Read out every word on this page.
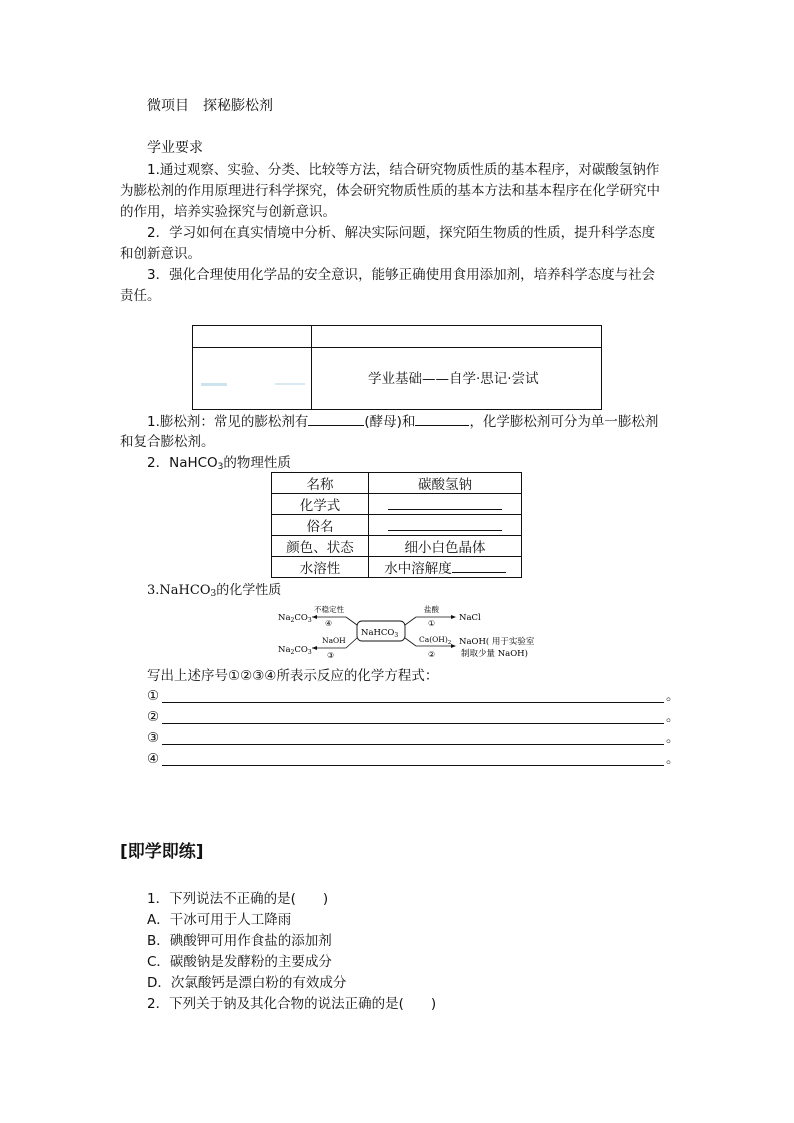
微项目　探秘膨松剂
学业要求
1.通过观察、实验、分类、比较等方法，结合研究物质性质的基本程序，对碳酸氢钠作
为膨松剂的作用原理进行科学探究，体会研究物质性质的基本方法和基本程序在化学研究中
的作用，培养实验探究与创新意识。
2．学习如何在真实情境中分析、解决实际问题，探究陌生物质的性质，提升科学态度
和创新意识。
3．强化合理使用化学品的安全意识，能够正确使用食用添加剂，培养科学态度与社会
责任。
学业基础——自学·思记·尝试
1.膨松剂：常见的膨松剂有	(酵母)和	，化学膨松剂可分为单一膨松剂
和复合膨松剂。
2．NaHCO$_3$的物理性质
名称	碳酸氢钠
化学式	
俗名	
颜色、状态	细小白色晶体
水溶性	水中溶解度
3.NaHCO$_3$的化学性质
NaHCO$_3$
$Na_2CO_3$
不稳定性
④
$Na_2CO_3$
NaOH
③
盐酸
①
NaCl
$Ca(OH)_2$
②
NaOH( 用于实验室
制取少量 NaOH)
写出上述序号①②③④所表示反应的化学方程式：
①	。
②	。
③	。
④	。
[即学即练]
1．下列说法不正确的是(　　)
A．干冰可用于人工降雨
B．碘酸钾可用作食盐的添加剂
C．碳酸钠是发酵粉的主要成分
D．次氯酸钙是漂白粉的有效成分
2．下列关于钠及其化合物的说法正确的是(　　)
